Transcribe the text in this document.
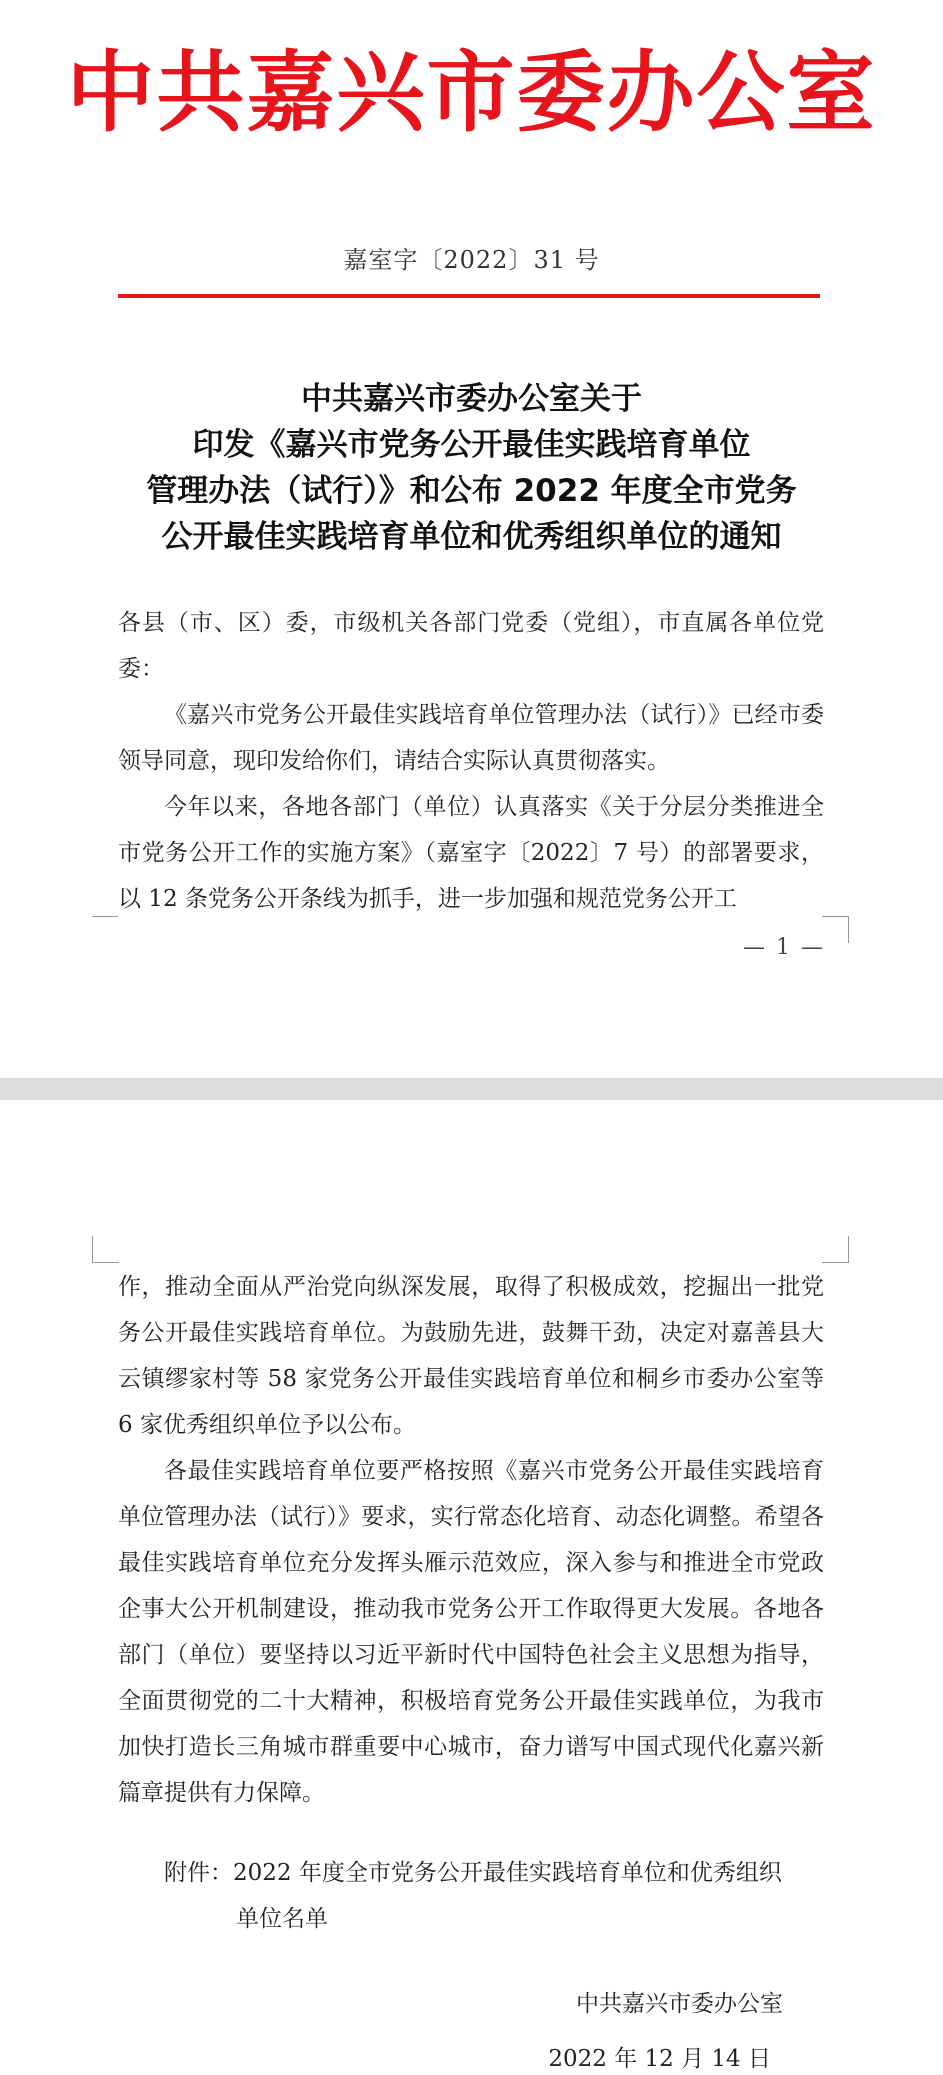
中共嘉兴市委办公室
嘉室字〔2022〕31 号
中共嘉兴市委办公室关于
印发《嘉兴市党务公开最佳实践培育单位
管理办法（试行）》和公布 2022 年度全市党务
公开最佳实践培育单位和优秀组织单位的通知
各县（市、区）委，市级机关各部门党委（党组），市直属各单位党委：
《嘉兴市党务公开最佳实践培育单位管理办法（试行）》已经市委领导同意，现印发给你们，请结合实际认真贯彻落实。
今年以来，各地各部门（单位）认真落实《关于分层分类推进全市党务公开工作的实施方案》（嘉室字〔2022〕7 号）的部署要求，以 12 条党务公开条线为抓手，进一步加强和规范党务公开工
— 1 —
作，推动全面从严治党向纵深发展，取得了积极成效，挖掘出一批党务公开最佳实践培育单位。为鼓励先进，鼓舞干劲，决定对嘉善县大云镇缪家村等 58 家党务公开最佳实践培育单位和桐乡市委办公室等 6 家优秀组织单位予以公布。
各最佳实践培育单位要严格按照《嘉兴市党务公开最佳实践培育单位管理办法（试行）》要求，实行常态化培育、动态化调整。希望各最佳实践培育单位充分发挥头雁示范效应，深入参与和推进全市党政企事大公开机制建设，推动我市党务公开工作取得更大发展。各地各部门（单位）要坚持以习近平新时代中国特色社会主义思想为指导，全面贯彻党的二十大精神，积极培育党务公开最佳实践单位，为我市加快打造长三角城市群重要中心城市，奋力谱写中国式现代化嘉兴新篇章提供有力保障。
附件：2022 年度全市党务公开最佳实践培育单位和优秀组织
单位名单
中共嘉兴市委办公室
2022 年 12 月 14 日
